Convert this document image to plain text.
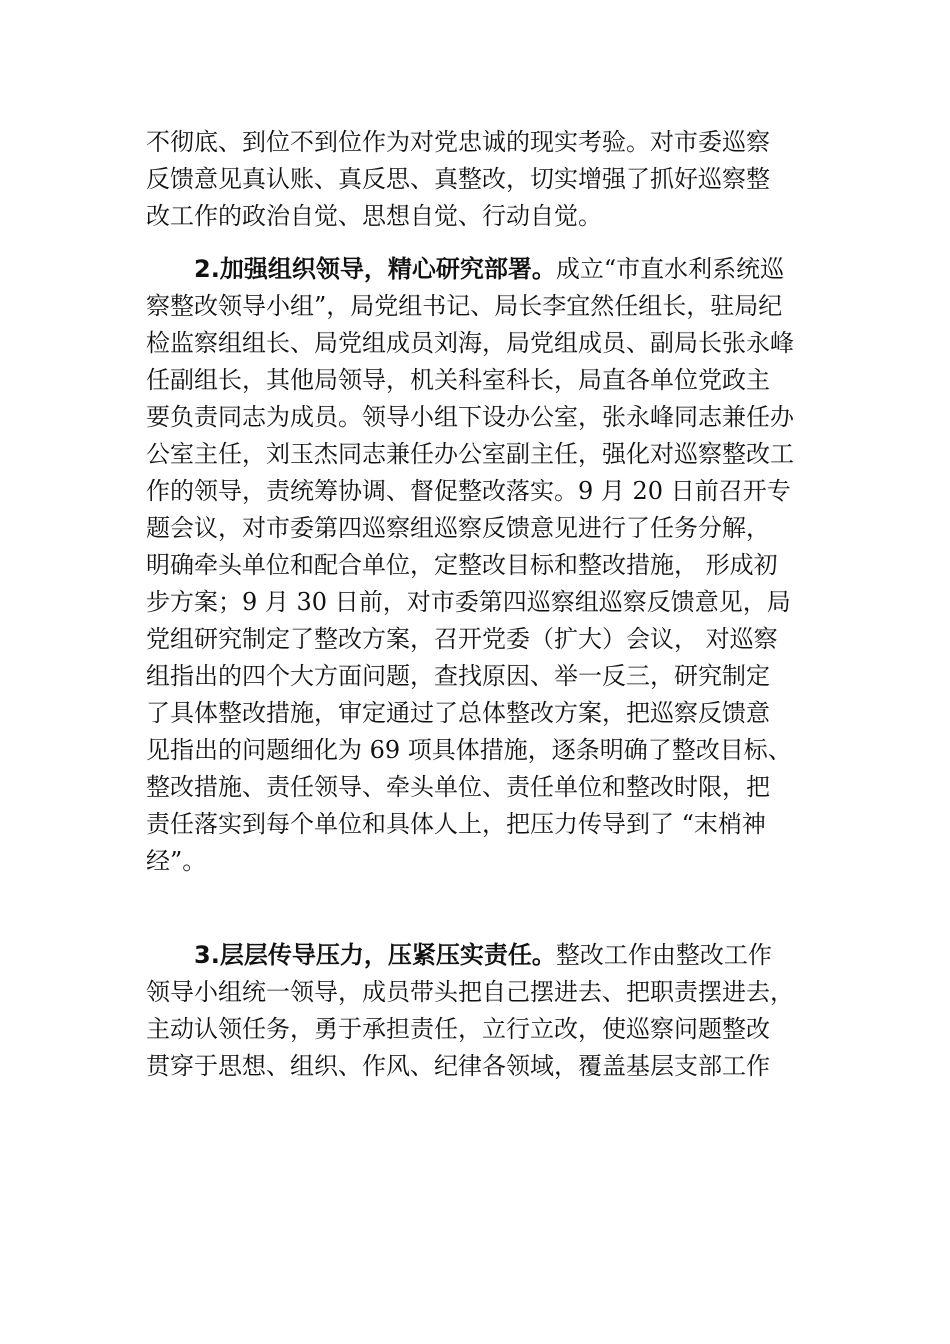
不彻底、到位不到位作为对党忠诚的现实考验。对市委巡察
反馈意见真认账、真反思、真整改，切实增强了抓好巡察整
改工作的政治自觉、思想自觉、行动自觉。
2.加强组织领导，精心研究部署。成立“市直水利系统巡
察整改领导小组”，局党组书记、局长李宜然任组长，驻局纪
检监察组组长、局党组成员刘海，局党组成员、副局长张永峰
任副组长，其他局领导，机关科室科长，局直各单位党政主
要负责同志为成员。领导小组下设办公室，张永峰同志兼任办
公室主任，刘玉杰同志兼任办公室副主任，强化对巡察整改工
作的领导，责统筹协调、督促整改落实。9 月 20 日前召开专
题会议，对市委第四巡察组巡察反馈意见进行了任务分解，
明确牵头单位和配合单位，定整改目标和整改措施， 形成初
步方案；9 月 30 日前，对市委第四巡察组巡察反馈意见，局
党组研究制定了整改方案，召开党委（扩大）会议， 对巡察
组指出的四个大方面问题，查找原因、举一反三，研究制定
了具体整改措施，审定通过了总体整改方案，把巡察反馈意
见指出的问题细化为 69 项具体措施，逐条明确了整改目标、
整改措施、责任领导、牵头单位、责任单位和整改时限，把
责任落实到每个单位和具体人上，把压力传导到了 “末梢神
经”。
3.层层传导压力，压紧压实责任。整改工作由整改工作
领导小组统一领导，成员带头把自己摆进去、把职责摆进去，
主动认领任务，勇于承担责任，立行立改，使巡察问题整改
贯穿于思想、组织、作风、纪律各领域，覆盖基层支部工作
